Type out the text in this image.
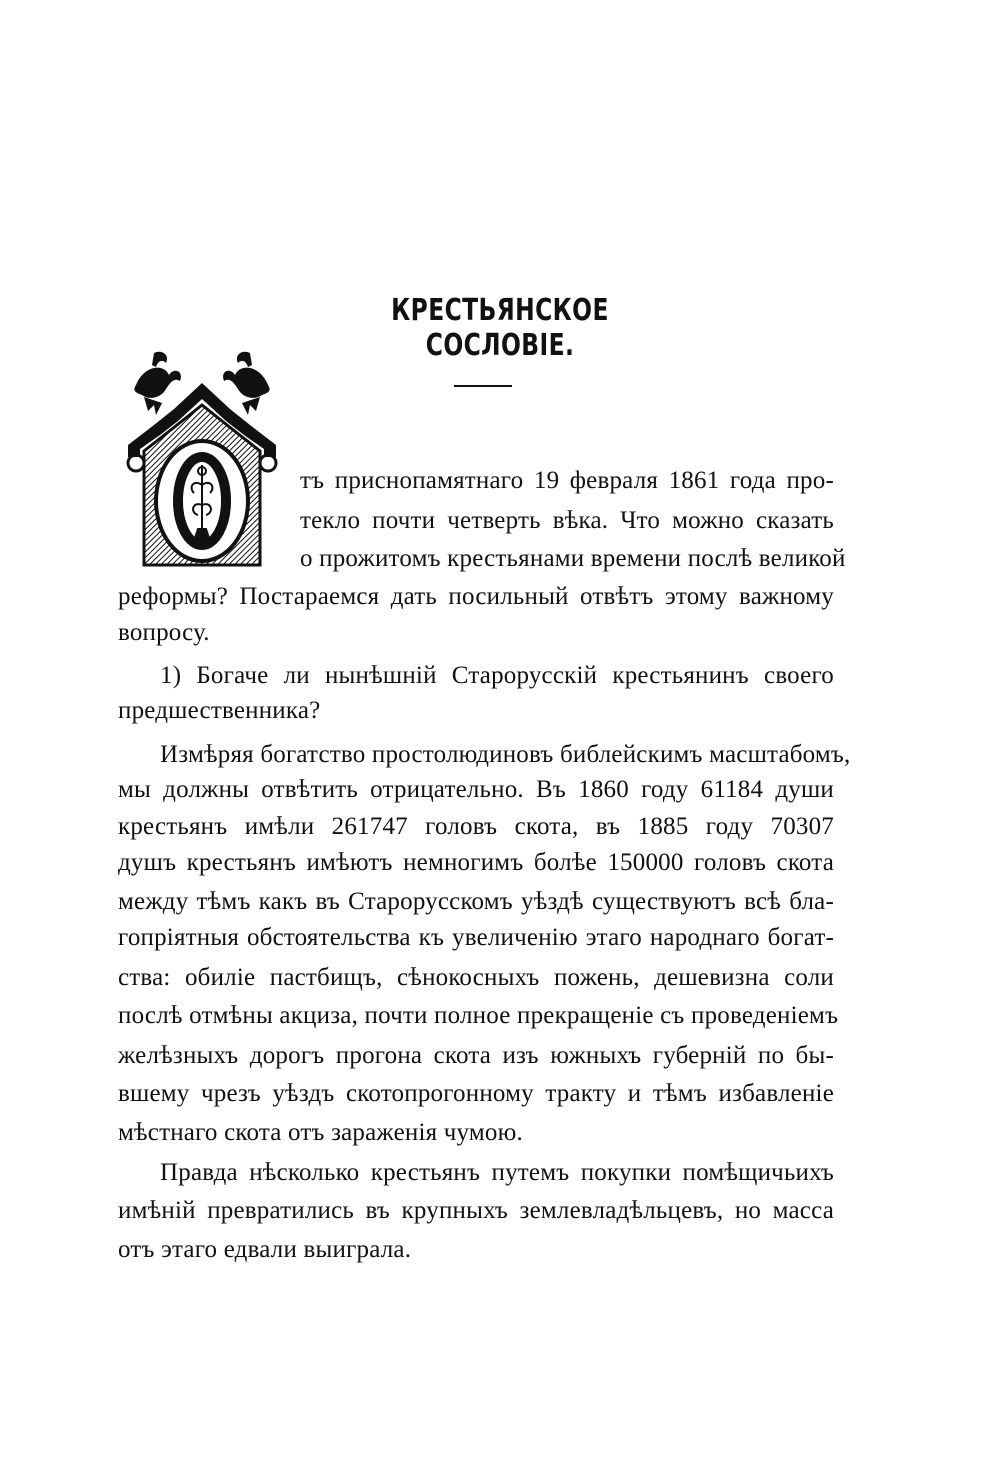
КРЕСТЬЯНСКОЕ СОСЛОВІЕ.
тъ приснопамятнаго 19 февраля 1861 года про-
текло почти четверть вѣка. Что можно сказать
о прожитомъ крестьянами времени послѣ великой
реформы? Постараемся дать посильный отвѣтъ этому важному
вопросу.
1) Богаче ли нынѣшній Старорусскій крестьянинъ своего
предшественника?
Измѣряя богатство простолюдиновъ библейскимъ масштабомъ,
мы должны отвѣтить отрицательно. Въ 1860 году 61184 души
крестьянъ имѣли 261747 головъ скота, въ 1885 году 70307
душъ крестьянъ имѣютъ немногимъ болѣе 150000 головъ скота
между тѣмъ какъ въ Старорусскомъ уѣздѣ существуютъ всѣ бла-
гопріятныя обстоятельства къ увеличенію этаго народнаго богат-
ства: обиліе пастбищъ, сѣнокосныхъ пожень, дешевизна соли
послѣ отмѣны акциза, почти полное прекращеніе съ проведеніемъ
желѣзныхъ дорогъ прогона скота изъ южныхъ губерній по бы-
вшему чрезъ уѣздъ скотопрогонному тракту и тѣмъ избавленіе
мѣстнаго скота отъ зараженія чумою.
Правда нѣсколько крестьянъ путемъ покупки помѣщичьихъ
имѣній превратились въ крупныхъ землевладѣльцевъ, но масса
отъ этаго едвали выиграла.
